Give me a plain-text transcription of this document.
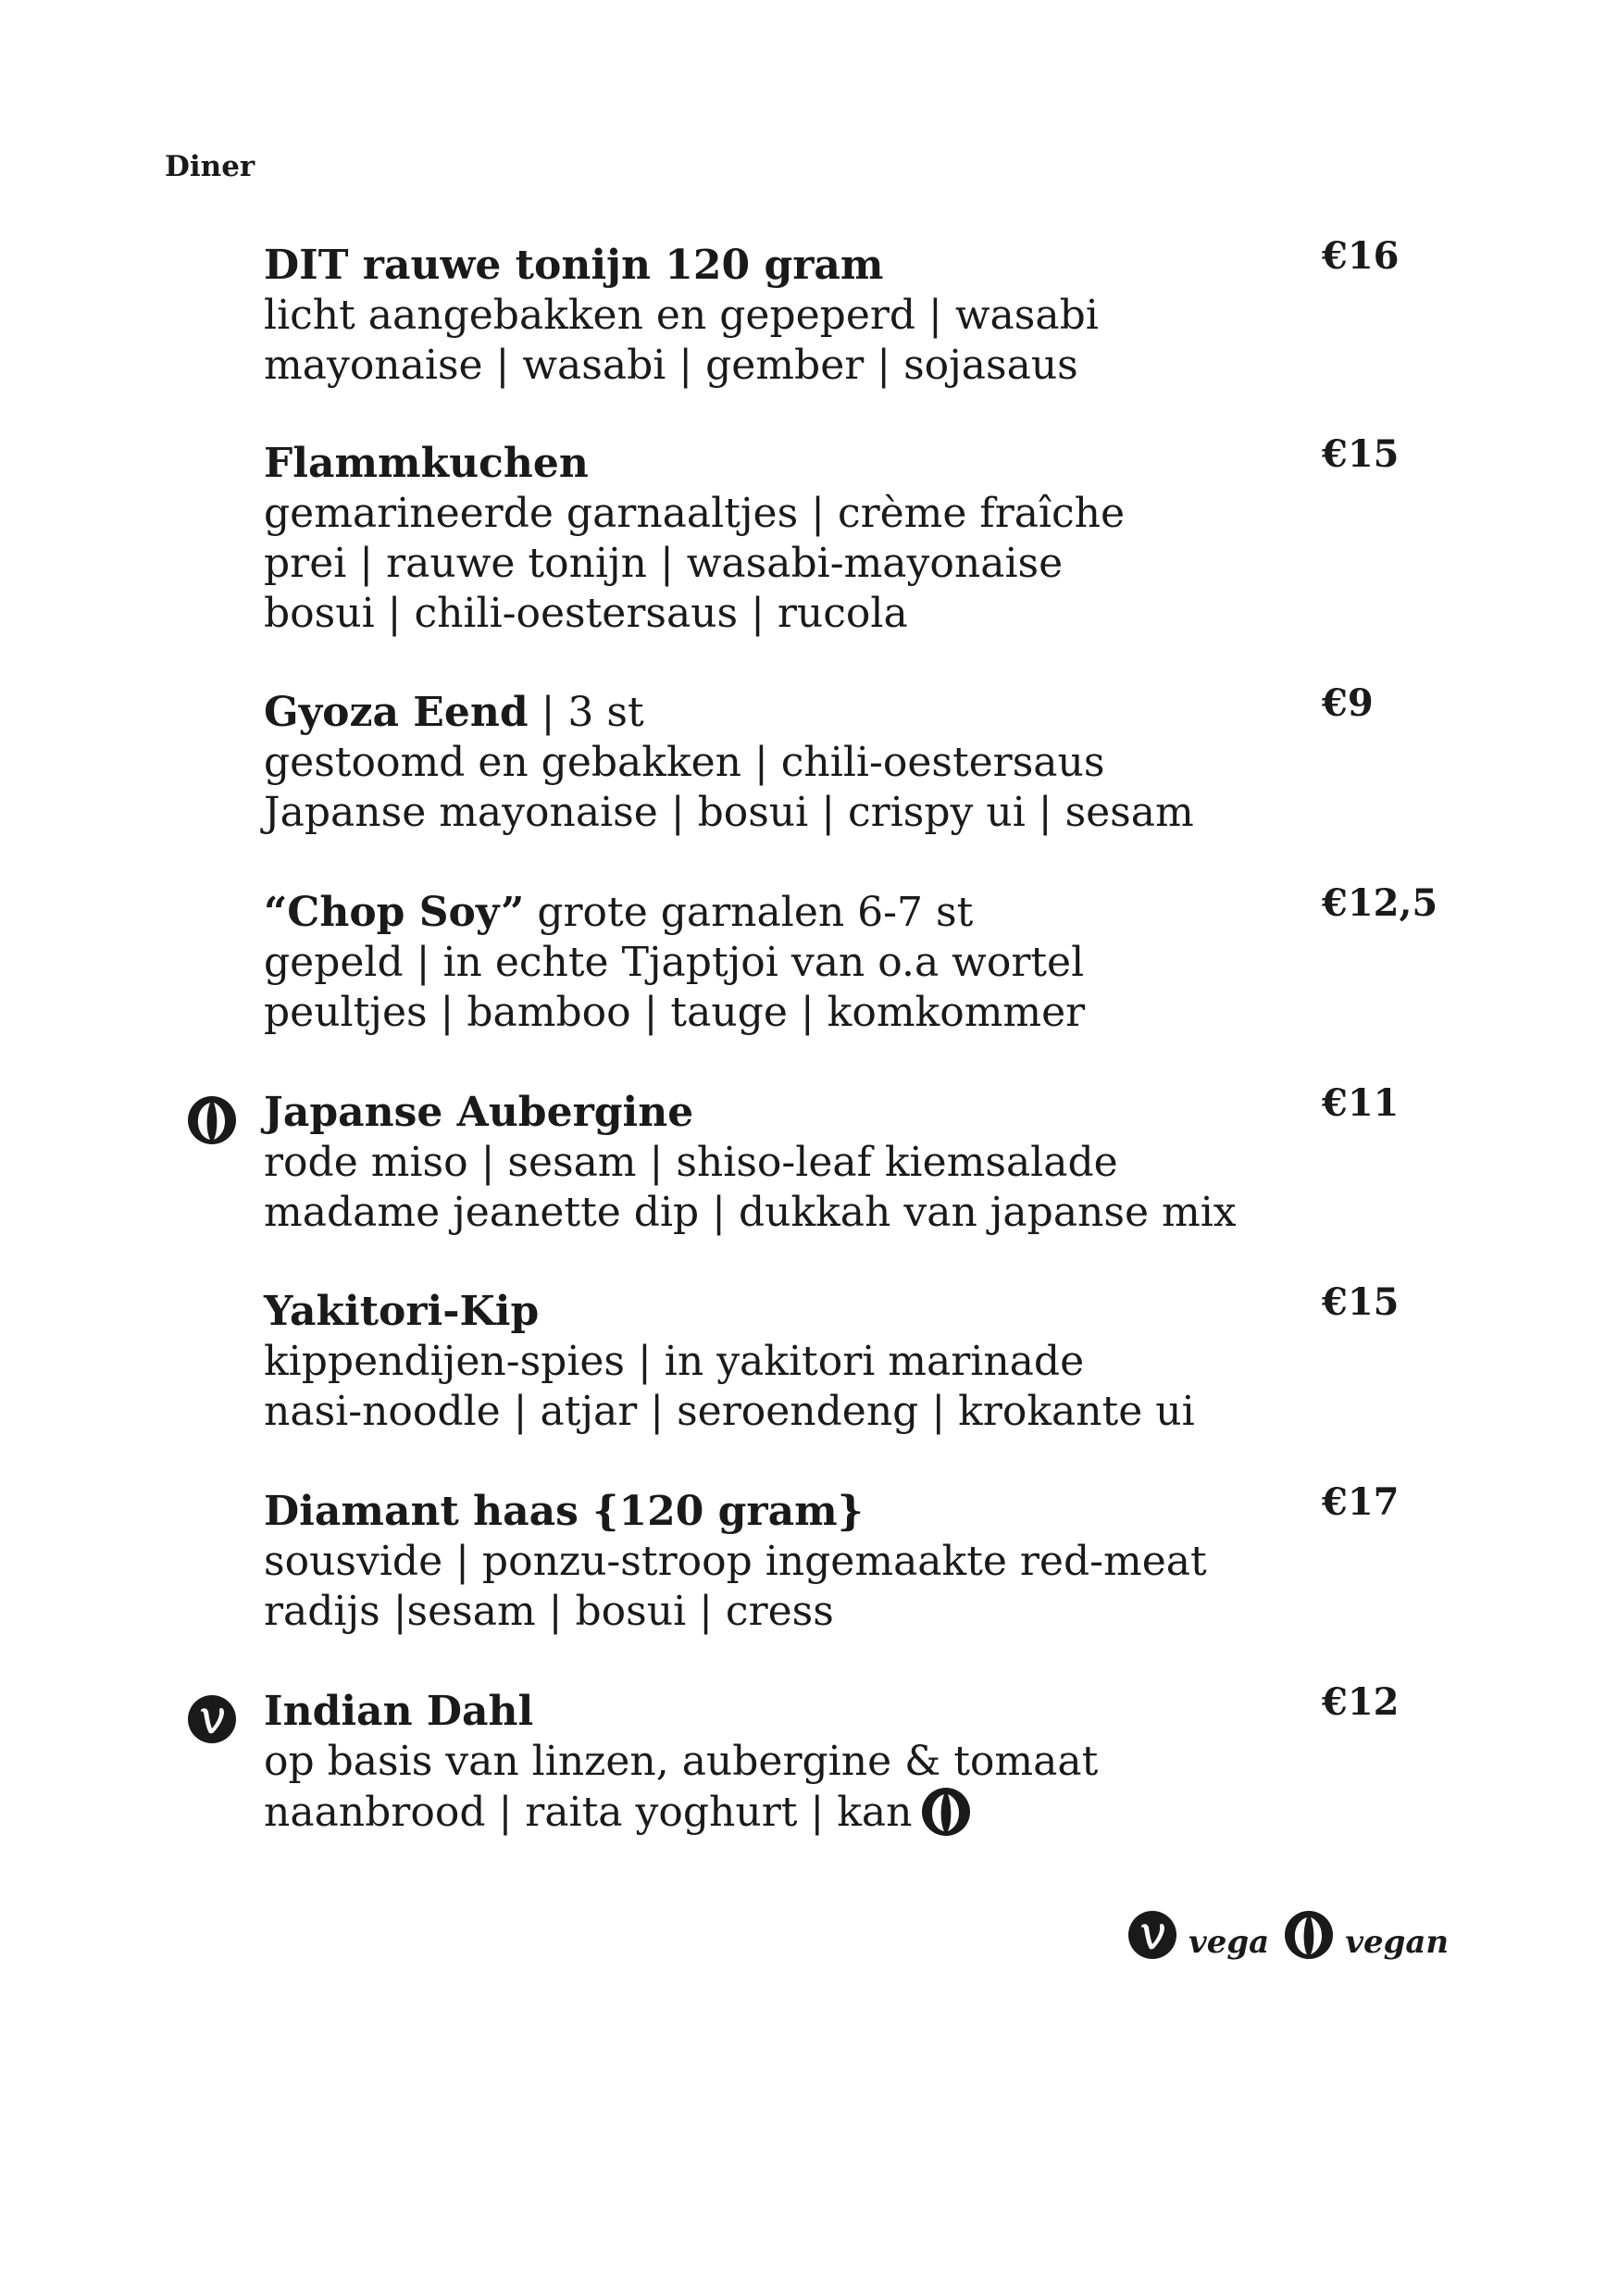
Diner
DIT rauwe tonijn 120 gram
licht aangebakken en gepeperd | wasabi
mayonaise | wasabi | gember | sojasaus
€16
Flammkuchen
gemarineerde garnaaltjes | crème fraîche
prei | rauwe tonijn | wasabi-mayonaise
bosui | chili-oestersaus | rucola
€15
Gyoza Eend | 3 st
gestoomd en gebakken | chili-oestersaus
Japanse mayonaise | bosui | crispy ui | sesam
€9
“Chop Soy” grote garnalen 6-7 st
gepeld | in echte Tjaptjoi van o.a wortel
peultjes | bamboo | tauge | komkommer
€12,5
Japanse Aubergine
rode miso | sesam | shiso-leaf kiemsalade
madame jeanette dip | dukkah van japanse mix
€11
Yakitori-Kip
kippendijen-spies | in yakitori marinade
nasi-noodle | atjar | seroendeng | krokante ui
€15
Diamant haas {120 gram}
sousvide | ponzu-stroop ingemaakte red-meat
radijs |sesam | bosui | cress
€17
Indian Dahl
op basis van linzen, aubergine & tomaat
naanbrood | raita yoghurt | kan
€12
vega vegan
